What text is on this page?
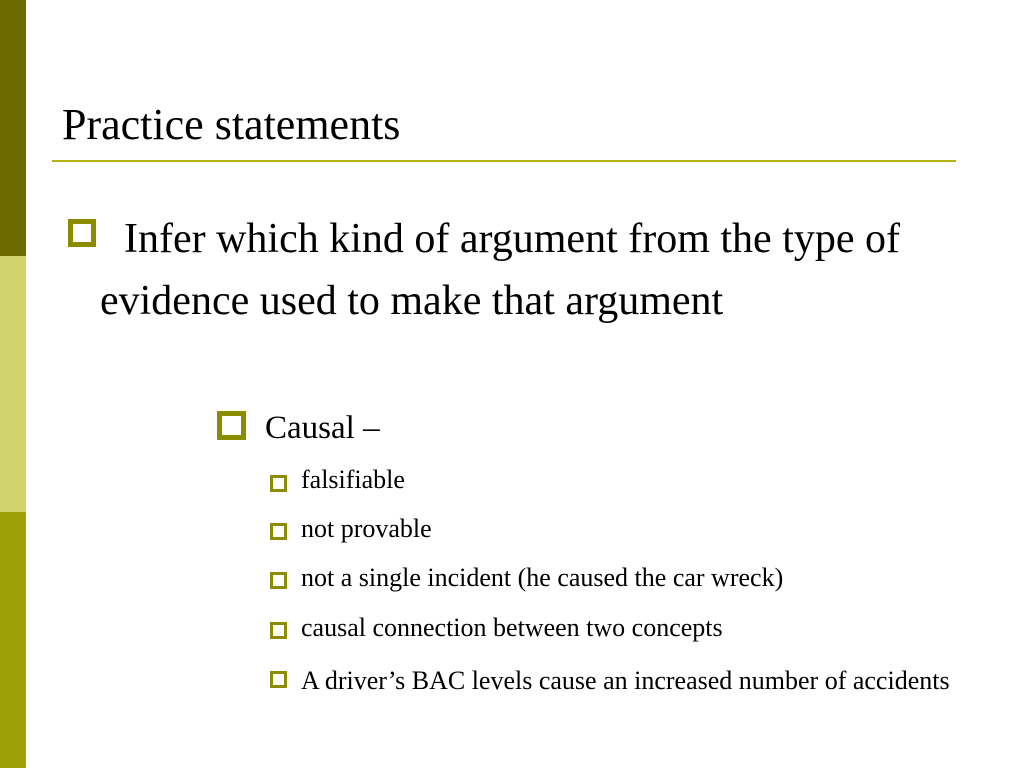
Practice statements
Infer which kind of argument from the type of evidence used to make that argument
Causal –
falsifiable
not provable
not a single incident (he caused the car wreck)
causal connection between two concepts
A driver’s BAC levels cause an increased number of accidents
